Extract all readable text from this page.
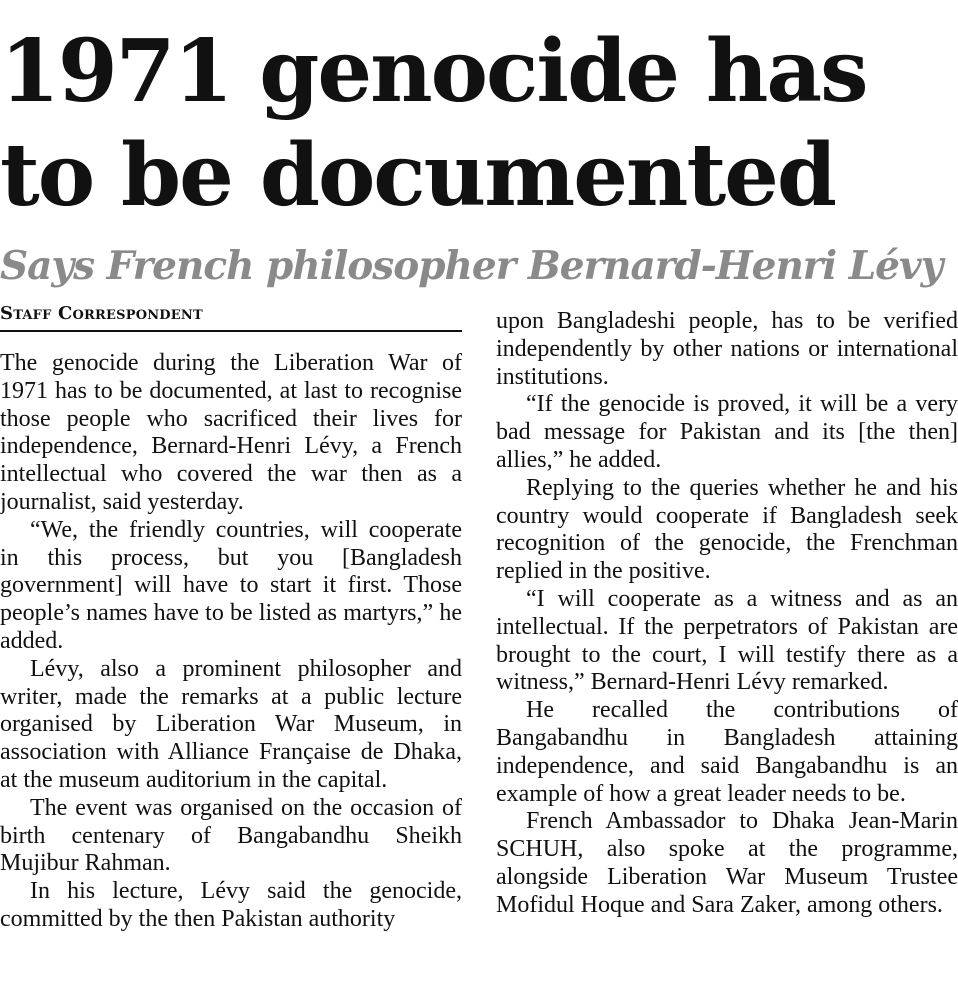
1971 genocide has
to be documented
Says French philosopher Bernard-Henri Lévy
Staff Correspondent

The genocide during the Liberation War of 1971 has to be documented, at last to recognise those people who sacrificed their lives for independence, Bernard-Henri Lévy, a French intellectual who covered the war then as a journalist, said yesterday.

“We, the friendly countries, will cooperate in this process, but you [Bangladesh government] will have to start it first. Those people’s names have to be listed as martyrs,” he added.

Lévy, also a prominent philosopher and writer, made the remarks at a public lecture organised by Liberation War Museum, in association with Alliance Française de Dhaka, at the museum auditorium in the capital.

The event was organised on the occasion of birth centenary of Bangabandhu Sheikh Mujibur Rahman.

In his lecture, Lévy said the genocide, committed by the then Pakistan authority

upon Bangladeshi people, has to be verified independently by other nations or international institutions.

“If the genocide is proved, it will be a very bad message for Pakistan and its [the then] allies,” he added.

Replying to the queries whether he and his country would cooperate if Bangladesh seek recognition of the genocide, the Frenchman replied in the positive.

“I will cooperate as a witness and as an intellectual. If the perpetrators of Pakistan are brought to the court, I will testify there as a witness,” Bernard-Henri Lévy remarked.

He recalled the contributions of Bangabandhu in Bangladesh attaining independence, and said Bangabandhu is an example of how a great leader needs to be.

French Ambassador to Dhaka Jean-Marin SCHUH, also spoke at the programme, alongside Liberation War Museum Trustee Mofidul Hoque and Sara Zaker, among others.
